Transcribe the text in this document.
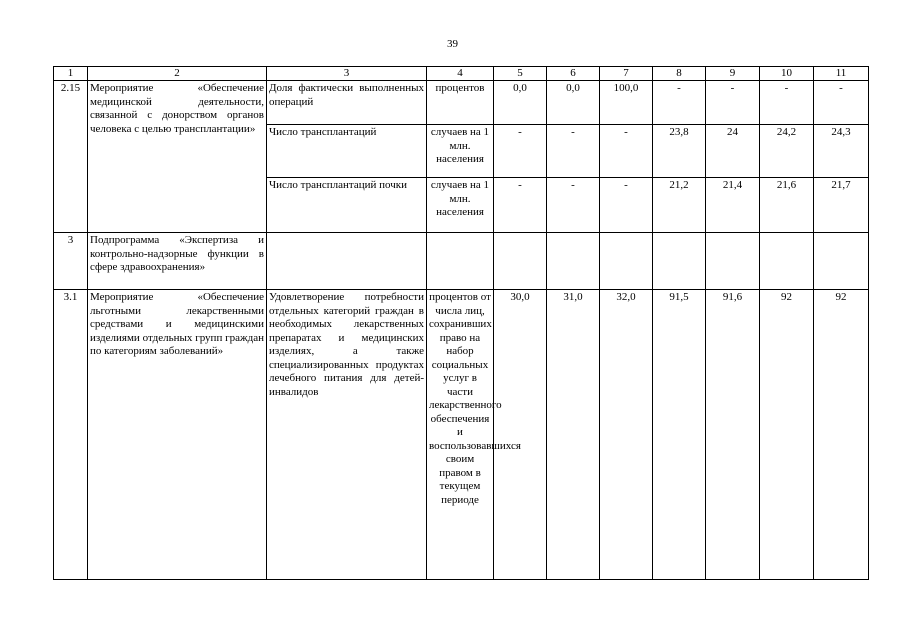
39
1	2	3	4	5	6	7	8	9	10	11
2.15	Мероприятие «Обеспечение медицинской деятельности, связанной с донорством органов человека с целью трансплантации»	Доля фактически выполненных операций	процентов	0,0	0,0	100,0	-	-	-	-
		Число трансплантаций	случаев на 1 млн. населения	-	-	-	23,8	24	24,2	24,3
		Число трансплантаций почки	случаев на 1 млн. населения	-	-	-	21,2	21,4	21,6	21,7
3	Подпрограмма «Экспертиза и контрольно-надзорные функции в сфере здравоохранения»									
3.1	Мероприятие «Обеспечение льготными лекарственными средствами и медицинскими изделиями отдельных групп граждан по категориям заболеваний»	Удовлетворение потребности отдельных категорий граждан в необходимых лекарственных препаратах и медицинских изделиях, а также специализированных продуктах лечебного питания для детей-инвалидов	процентов от числа лиц, сохранивших право на набор социальных услуг в части лекарственного обеспечения и воспользовавшихся своим правом в текущем периоде	30,0	31,0	32,0	91,5	91,6	92	92
